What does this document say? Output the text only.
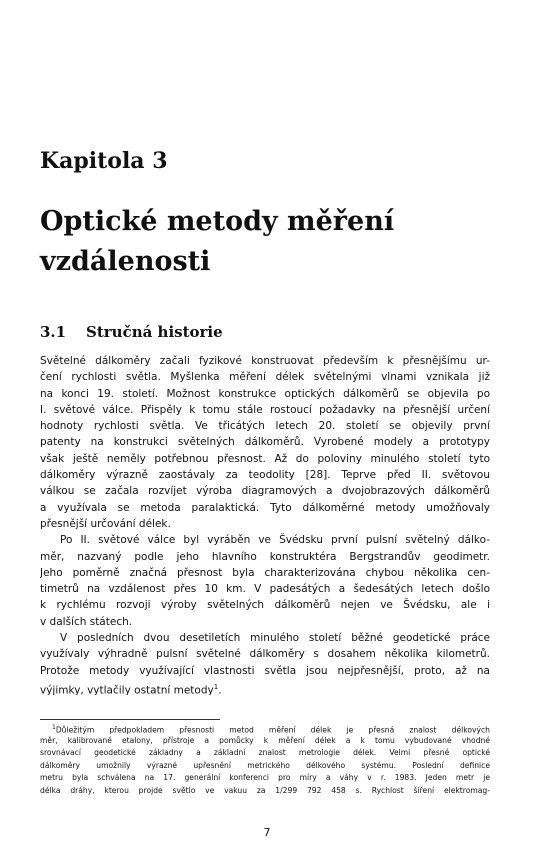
Kapitola 3
Optické metody měření
vzdálenosti
3.1 Stručná historie
Světelné dálkoměry začali fyzikové konstruovat především k přesnějšímu ur-
čení rychlosti světla. Myšlenka měření délek světelnými vlnami vznikala již
na konci 19. století. Možnost konstrukce optických dálkoměrů se objevila po
I. světové válce. Přispěly k tomu stále rostoucí požadavky na přesnější určení
hodnoty rychlosti světla. Ve třicátých letech 20. století se objevily první
patenty na konstrukci světelných dálkoměrů. Vyrobené modely a prototypy
však ještě neměly potřebnou přesnost. Až do poloviny minulého století tyto
dálkoměry výrazně zaostávaly za teodolity [28]. Teprve před II. světovou
válkou se začala rozvíjet výroba diagramových a dvojobrazových dálkoměrů
a využívala se metoda paralaktická. Tyto dálkoměrné metody umožňovaly
přesnější určování délek.
Po II. světové válce byl vyráběn ve Švédsku první pulsní světelný dálko-
měr, nazvaný podle jeho hlavního konstruktéra Bergstrandův geodimetr.
Jeho poměrně značná přesnost byla charakterizována chybou několika cen-
timetrů na vzdálenost přes 10 km. V padesátých a šedesátých letech došlo
k rychlému rozvoji výroby světelných dálkoměrů nejen ve Švédsku, ale i
v dalších státech.
V posledních dvou desetiletích minulého století běžné geodetické práce
využívaly výhradně pulsní světelné dálkoměry s dosahem několika kilometrů.
Protože metody využívající vlastnosti světla jsou nejpřesnější, proto, až na
výjimky, vytlačily ostatní metody$^1$.
$^1$Důležitým předpokladem přesnosti metod měření délek je přesná znalost délkových
měr, kalibrované etalony, přístroje a pomůcky k měření délek a k tomu vybudované vhodné
srovnávací geodetické základny a základní znalost metrologie délek. Velmi přesné optické
dálkoměry umožnily výrazné upřesnění metrického délkového systému. Poslední definice
metru byla schválena na 17. generální konferenci pro míry a váhy v r. 1983. Jeden metr je
délka dráhy, kterou projde světlo ve vakuu za 1/299 792 458 s. Rychlost šíření elektromag-
7
